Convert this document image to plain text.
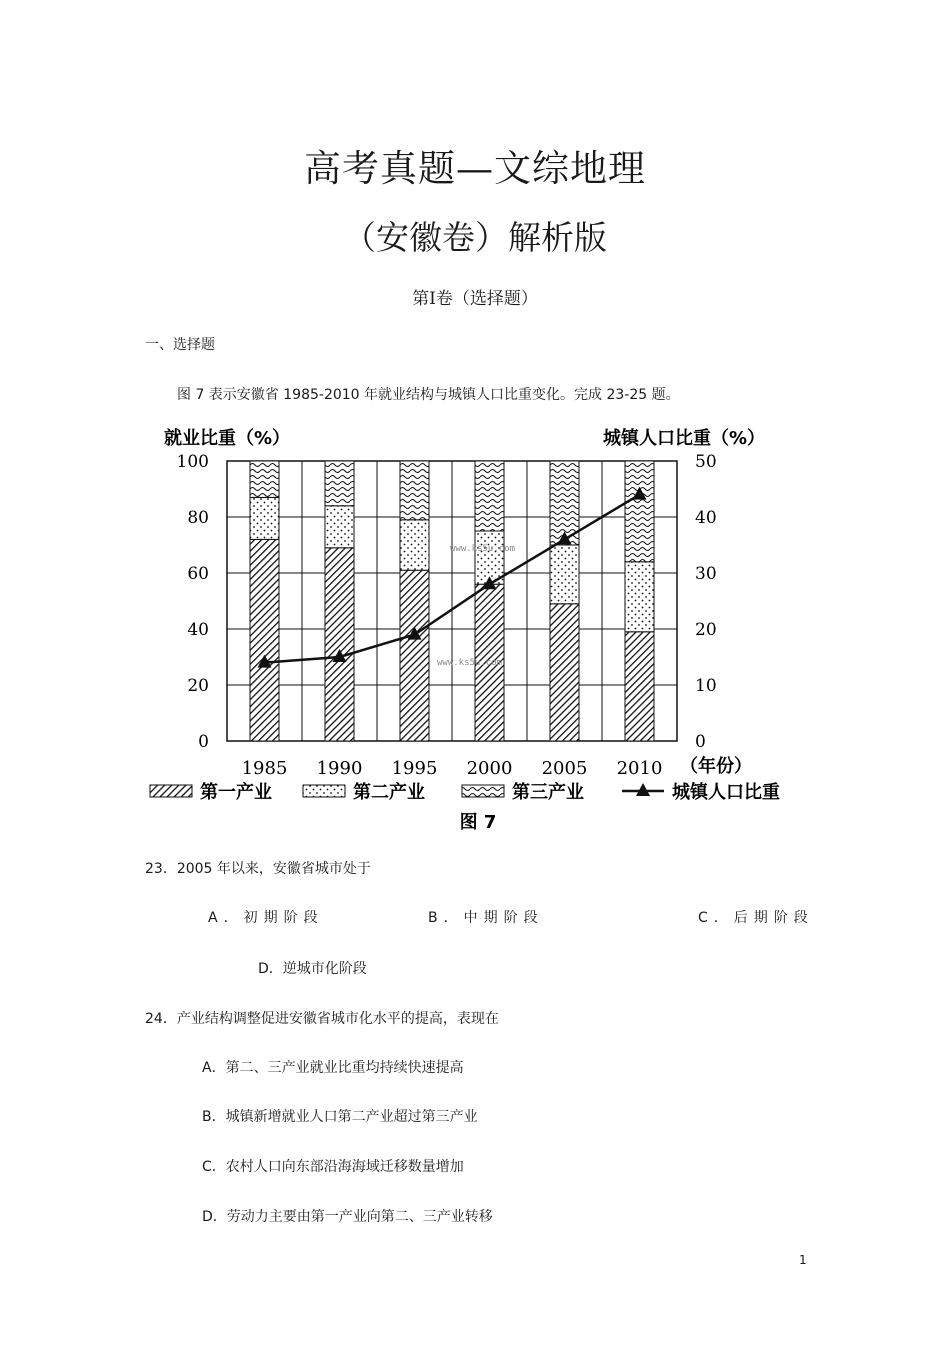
高考真题—文综地理
（安徽卷）解析版
第Ⅰ卷（选择题）
一、选择题
图 7 表示安徽省 1985-2010 年就业结构与城镇人口比重变化。完成 23-25 题。
0	0
20	10
40	20
60	30
80	40
100	50
1985 1990 1995 2000 2005 2010
就业比重（%）	城镇人口比重（%）
（年份）
www.ks5u.com
www.ks5u.com
第一产业	第二产业	第三产业	城镇人口比重
图 7
23．2005 年以来，安徽省城市处于
A．初期阶段	B．中期阶段	C．后期阶段
D．逆城市化阶段
24．产业结构调整促进安徽省城市化水平的提高，表现在
A．第二、三产业就业比重均持续快速提高
B．城镇新增就业人口第二产业超过第三产业
C．农村人口向东部沿海海域迁移数量增加
D．劳动力主要由第一产业向第二、三产业转移
1
